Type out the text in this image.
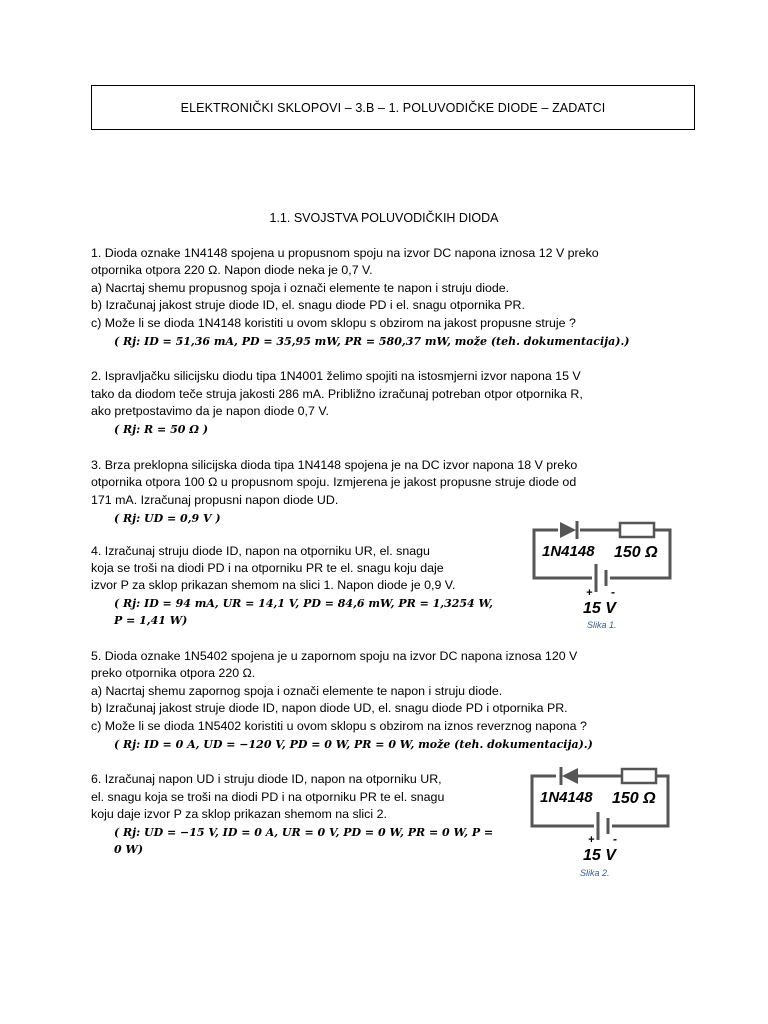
ELEKTRONIČKI SKLOPOVI – 3.B – 1. POLUVODIČKE DIODE – ZADATCI
1.1. SVOJSTVA POLUVODIČKIH DIODA
1. Dioda oznake 1N4148 spojena u propusnom spoju na izvor DC napona iznosa 12 V preko
otpornika otpora 220 Ω. Napon diode neka je 0,7 V.
a) Nacrtaj shemu propusnog spoja i označi elemente te napon i struju diode.
b) Izračunaj jakost struje diode ID, el. snagu diode PD i el. snagu otpornika PR.
c) Može li se dioda 1N4148 koristiti u ovom sklopu s obzirom na jakost propusne struje ?
( Rj: ID = 51,36 mA, PD = 35,95 mW, PR = 580,37 mW, može (teh. dokumentacija).)
2. Ispravljačku silicijsku diodu tipa 1N4001 želimo spojiti na istosmjerni izvor napona 15 V
tako da diodom teče struja jakosti 286 mA. Približno izračunaj potreban otpor otpornika R,
ako pretpostavimo da je napon diode 0,7 V.
( Rj: R = 50 Ω )
3. Brza preklopna silicijska dioda tipa 1N4148 spojena je na DC izvor napona 18 V preko
otpornika otpora 100 Ω u propusnom spoju. Izmjerena je jakost propusne struje diode od
171 mA. Izračunaj propusni napon diode UD.
( Rj: UD = 0,9 V )
4. Izračunaj struju diode ID, napon na otporniku UR, el. snagu
koja se troši na diodi PD i na otporniku PR te el. snagu koju daje
izvor P za sklop prikazan shemom na slici 1. Napon diode je 0,9 V.
( Rj: ID = 94 mA, UR = 14,1 V, PD = 84,6 mW, PR = 1,3254 W,
P = 1,41 W)
1N4148 150 Ω
+ -
15 V
Slika 1.
5. Dioda oznake 1N5402 spojena je u zapornom spoju na izvor DC napona iznosa 120 V
preko otpornika otpora 220 Ω.
a) Nacrtaj shemu zapornog spoja i označi elemente te napon i struju diode.
b) Izračunaj jakost struje diode ID, napon diode UD, el. snagu diode PD i otpornika PR.
c) Može li se dioda 1N5402 koristiti u ovom sklopu s obzirom na iznos reverznog napona ?
( Rj: ID = 0 A, UD = −120 V, PD = 0 W, PR = 0 W, može (teh. dokumentacija).)
6. Izračunaj napon UD i struju diode ID, napon na otporniku UR,
el. snagu koja se troši na diodi PD i na otporniku PR te el. snagu
koju daje izvor P za sklop prikazan shemom na slici 2.
( Rj: UD = −15 V, ID = 0 A, UR = 0 V, PD = 0 W, PR = 0 W, P =
0 W)
1N4148 150 Ω
+ -
15 V
Slika 2.
